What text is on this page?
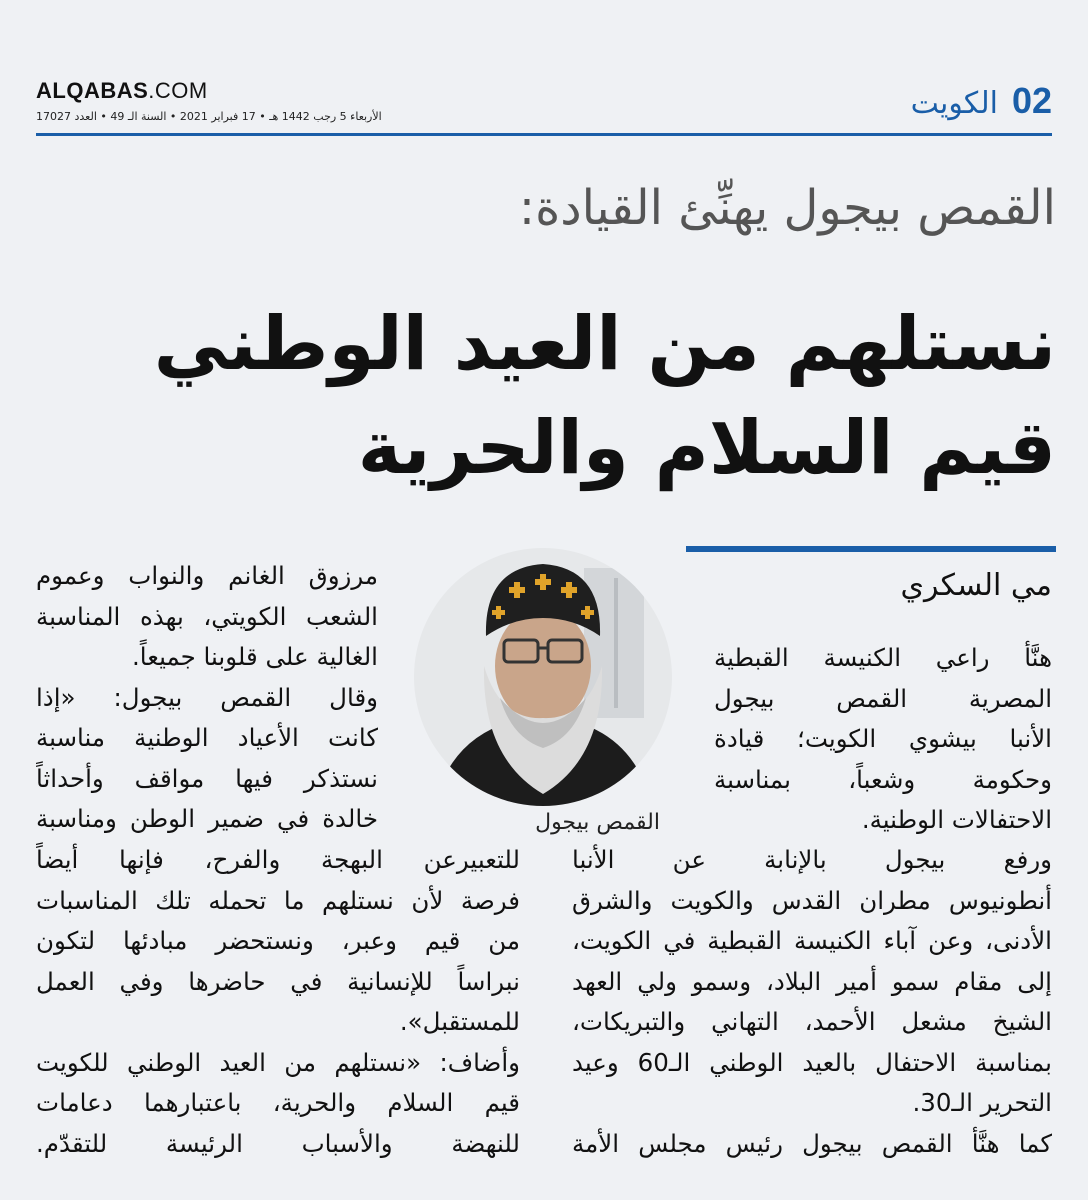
ALQABAS.COM
الأربعاء 5 رجب 1442 هـ • 17 فبراير 2021 • السنة الـ 49 • العدد 17027	02
الكويت
القمص بيجول يهنِّئ القيادة:
نستلهم من العيد الوطني
قيم السلام والحرية
مي السكري
القمص بيجول
هنَّأ راعي الكنيسة القبطية
المصرية القمص بيجول
الأنبا بيشوي الكويت؛ قيادة
وحكومة وشعباً، بمناسبة
الاحتفالات الوطنية.
ورفع بيجول بالإنابة عن الأنبا
أنطونيوس مطران القدس والكويت والشرق
الأدنى، وعن آباء الكنيسة القبطية في الكويت،
إلى مقام سمو أمير البلاد، وسمو ولي العهد
الشيخ مشعل الأحمد، التهاني والتبريكات،
بمناسبة الاحتفال بالعيد الوطني الـ60 وعيد
التحرير الـ30.
كما هنَّأ القمص بيجول رئيس مجلس الأمة
مرزوق الغانم والنواب وعموم
الشعب الكويتي، بهذه المناسبة
الغالية على قلوبنا جميعاً.
وقال القمص بيجول: «إذا
كانت الأعياد الوطنية مناسبة
نستذكر فيها مواقف وأحداثاً
خالدة في ضمير الوطن ومناسبة
للتعبيرعن البهجة والفرح، فإنها أيضاً
فرصة لأن نستلهم ما تحمله تلك المناسبات
من قيم وعبر، ونستحضر مبادئها لتكون
نبراساً للإنسانية في حاضرها وفي العمل
للمستقبل».
وأضاف: «نستلهم من العيد الوطني للكويت
قيم السلام والحرية، باعتبارهما دعامات
للنهضة والأسباب الرئيسة للتقدّم.
